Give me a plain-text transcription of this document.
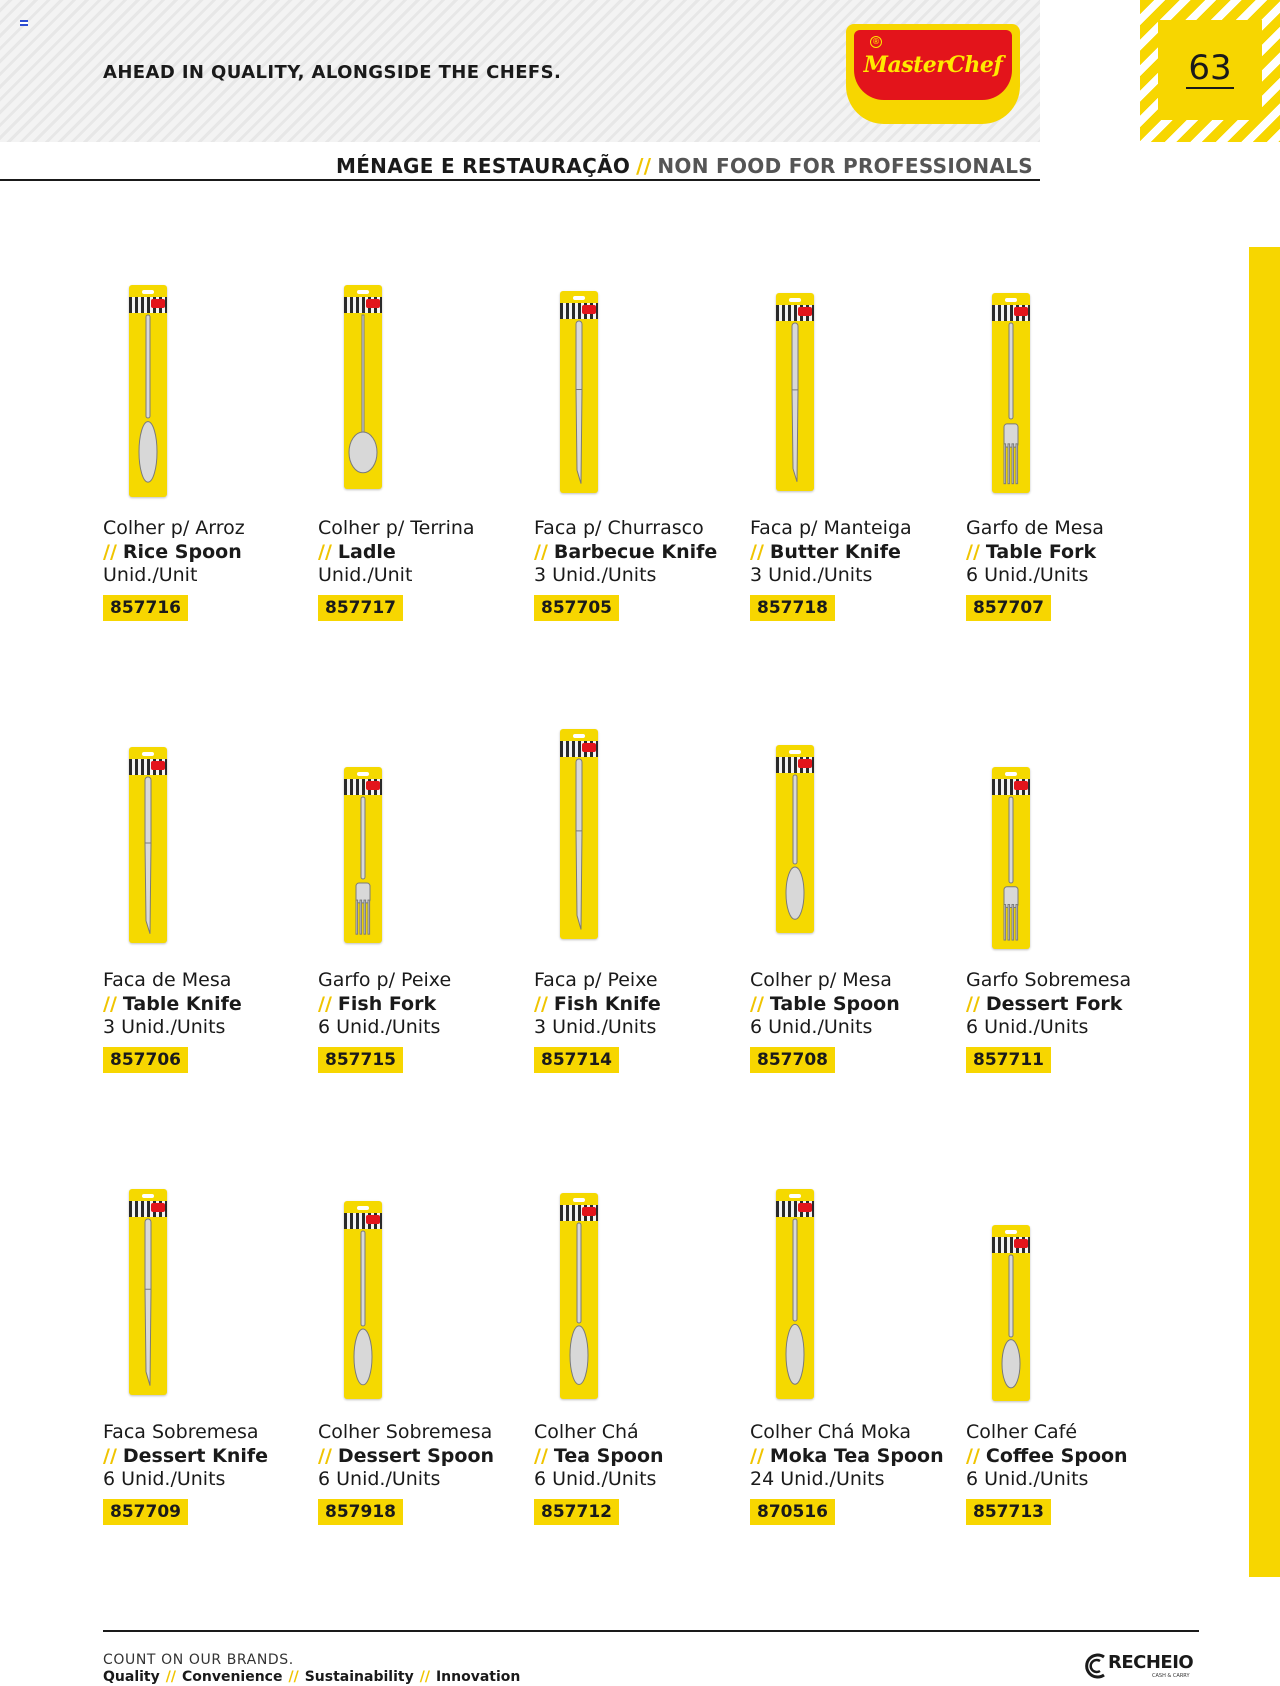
AHEAD IN QUALITY, ALONGSIDE THE CHEFS.
®
MasterChef	63
MÉNAGE E RESTAURAÇÃO // NON FOOD FOR PROFESSIONALS
Colher p/ Arroz
// Rice Spoon
Unid./Unit
857716
Colher p/ Terrina
// Ladle
Unid./Unit
857717
Faca p/ Churrasco
// Barbecue Knife
3 Unid./Units
857705
Faca p/ Manteiga
// Butter Knife
3 Unid./Units
857718
Garfo de Mesa
// Table Fork
6 Unid./Units
857707
Faca de Mesa
// Table Knife
3 Unid./Units
857706
Garfo p/ Peixe
// Fish Fork
6 Unid./Units
857715
Faca p/ Peixe
// Fish Knife
3 Unid./Units
857714
Colher p/ Mesa
// Table Spoon
6 Unid./Units
857708
Garfo Sobremesa
// Dessert Fork
6 Unid./Units
857711
Faca Sobremesa
// Dessert Knife
6 Unid./Units
857709
Colher Sobremesa
// Dessert Spoon
6 Unid./Units
857918
Colher Chá
// Tea Spoon
6 Unid./Units
857712
Colher Chá Moka
// Moka Tea Spoon
24 Unid./Units
870516
Colher Café
// Coffee Spoon
6 Unid./Units
857713
COUNT ON OUR BRANDS.
Quality // Convenience // Sustainability // Innovation
RECHEIO
CASH & CARRY
